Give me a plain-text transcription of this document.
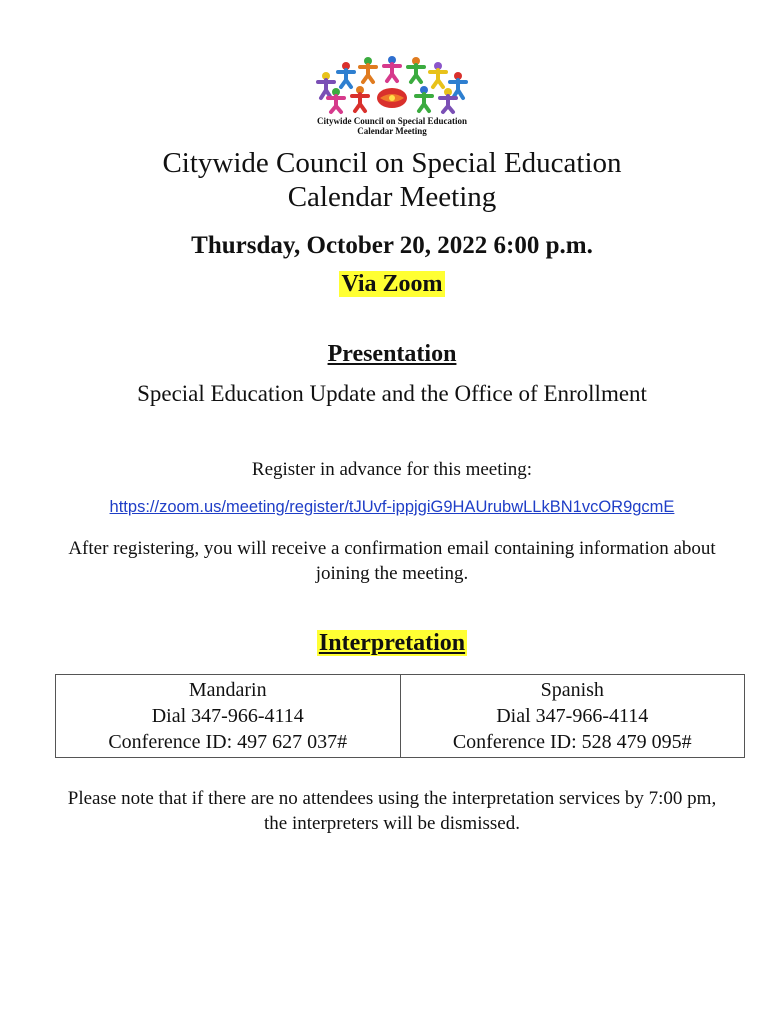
Citywide Council on Special Education
Calendar Meeting
Citywide Council on Special Education
Calendar Meeting
Thursday, October 20, 2022 6:00 p.m.
Via Zoom
Presentation
Special Education Update and the Office of Enrollment
Register in advance for this meeting:
https://zoom.us/meeting/register/tJUvf-ippjgiG9HAUrubwLLkBN1vcOR9gcmE
After registering, you will receive a confirmation email containing information about
joining the meeting.
Interpretation
Mandarin
Dial 347-966-4114
Conference ID: 497 627 037#

Spanish
Dial 347-966-4114
Conference ID: 528 479 095#
Please note that if there are no attendees using the interpretation services by 7:00 pm,
the interpreters will be dismissed.
